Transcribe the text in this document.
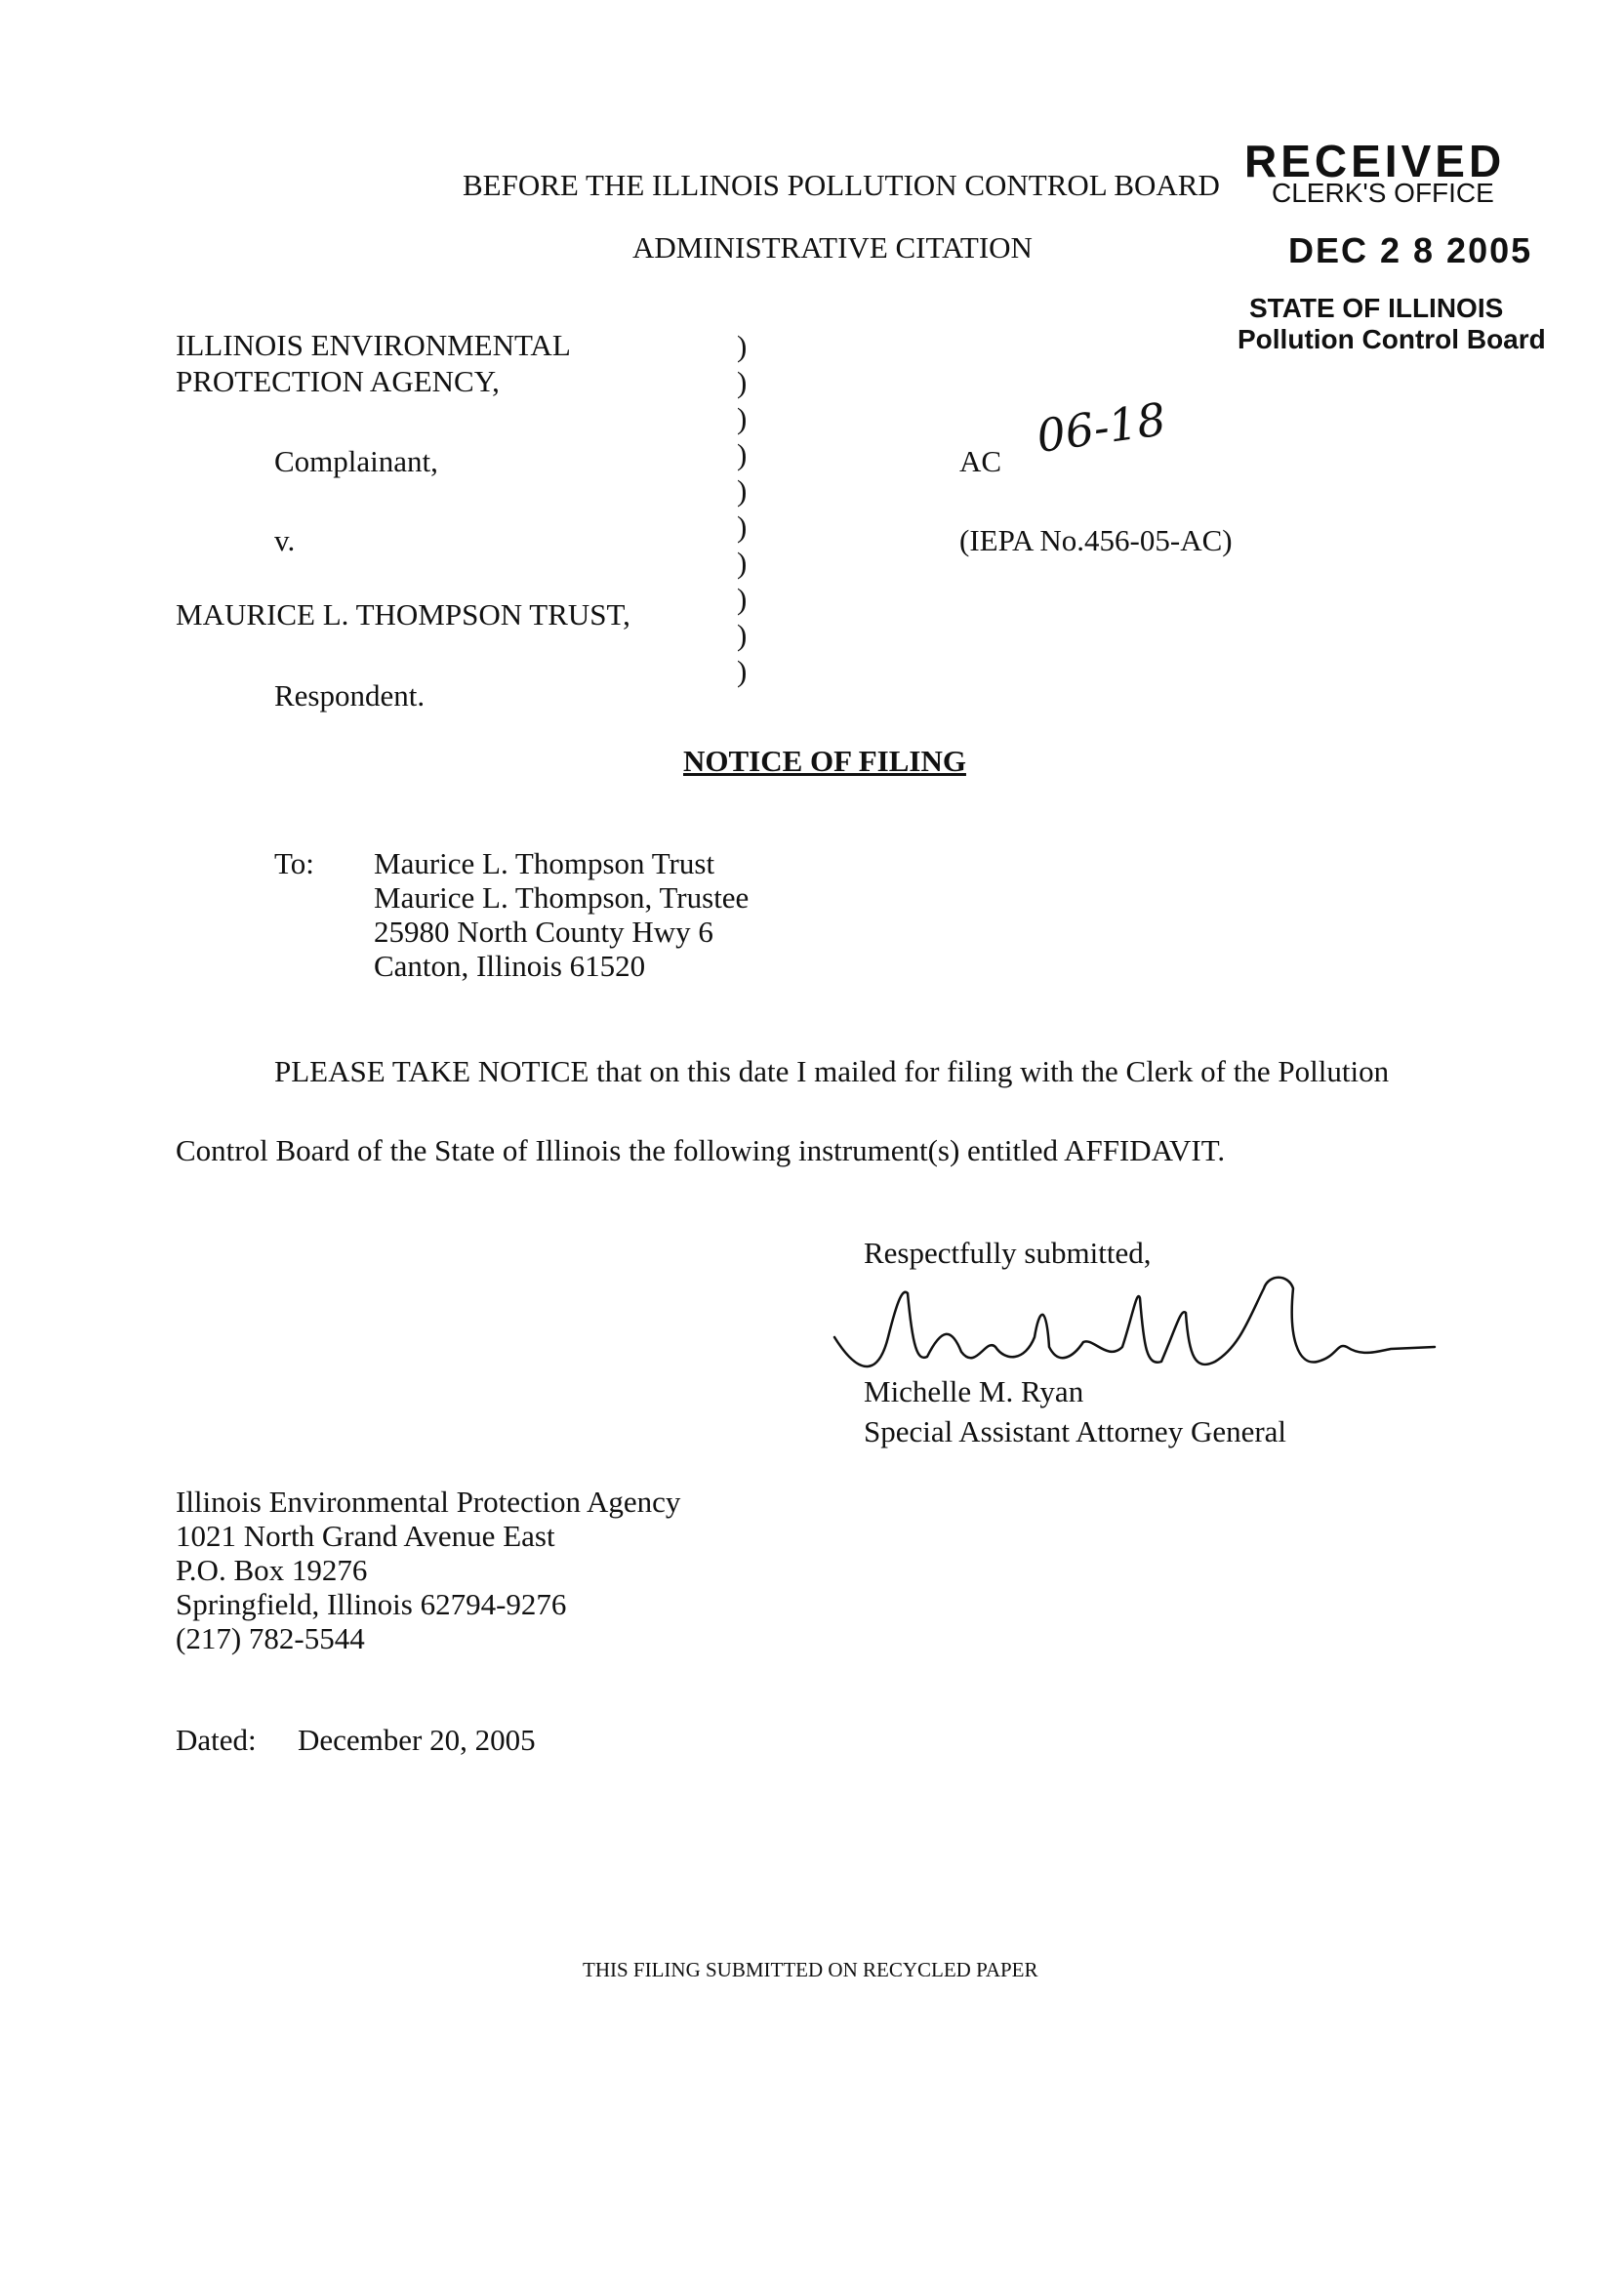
BEFORE THE ILLINOIS POLLUTION CONTROL BOARD
ADMINISTRATIVE CITATION
RECEIVED
CLERK'S OFFICE
DEC 2 8 2005
STATE OF ILLINOIS
Pollution Control Board
ILLINOIS ENVIRONMENTAL
PROTECTION AGENCY,
Complainant,
v.
MAURICE L. THOMPSON TRUST,
Respondent.
)
)
)
)
)
)
)
)
)
)
AC 06-18
(IEPA No.456-05-AC)
NOTICE OF FILING
To: Maurice L. Thompson Trust
Maurice L. Thompson, Trustee
25980 North County Hwy 6
Canton, Illinois 61520
PLEASE TAKE NOTICE that on this date I mailed for filing with the Clerk of the Pollution
Control Board of the State of Illinois the following instrument(s) entitled AFFIDAVIT.
Respectfully submitted,
Michelle M. Ryan
Special Assistant Attorney General
Illinois Environmental Protection Agency
1021 North Grand Avenue East
P.O. Box 19276
Springfield, Illinois 62794-9276
(217) 782-5544
Dated: December 20, 2005
THIS FILING SUBMITTED ON RECYCLED PAPER
